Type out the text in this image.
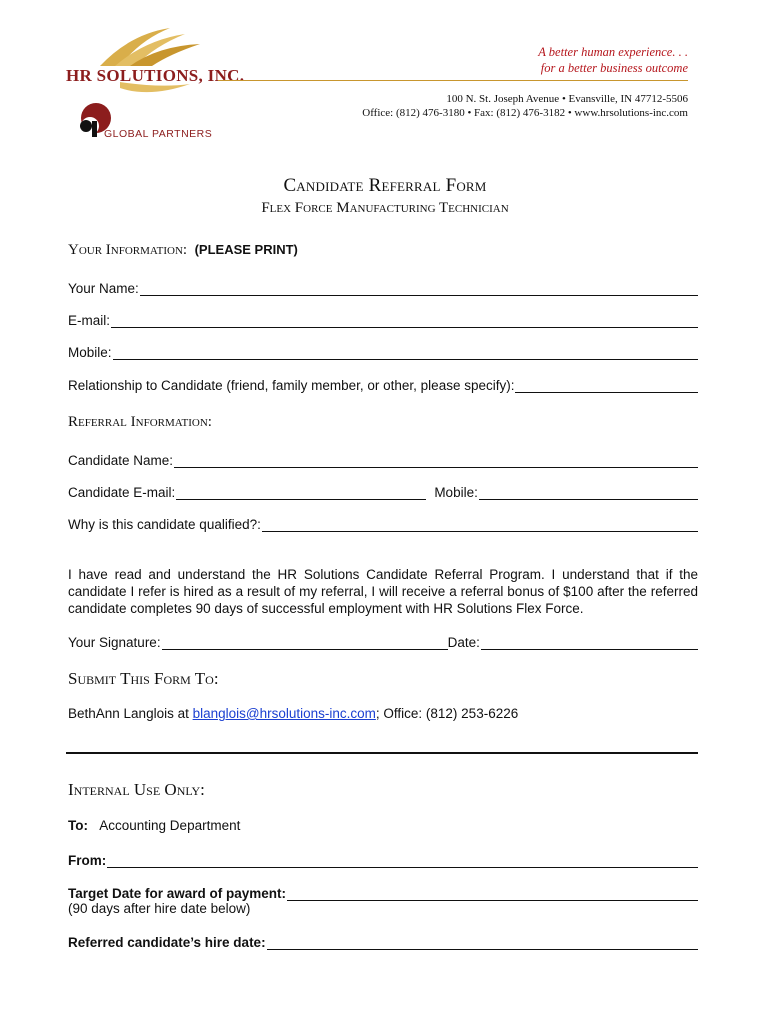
HR SOLUTIONS, INC.
GLOBAL PARTNERS
A better human experience. . .
for a better business outcome
100 N. St. Joseph Avenue • Evansville, IN 47712-5506
Office: (812) 476-3180 • Fax: (812) 476-3182 • www.hrsolutions-inc.com
Candidate Referral Form
Flex Force Manufacturing Technician
Your Information: (PLEASE PRINT)
Your Name:
E-mail:
Mobile:
Relationship to Candidate (friend, family member, or other, please specify):
Referral Information:
Candidate Name:
Candidate E-mail:	Mobile:
Why is this candidate qualified?:
I have read and understand the HR Solutions Candidate Referral Program. I understand that if the candidate I refer is hired as a result of my referral, I will receive a referral bonus of $100 after the referred candidate completes 90 days of successful employment with HR Solutions Flex Force.
Your Signature:	Date:
Submit This Form To:
BethAnn Langlois at blanglois@hrsolutions-inc.com; Office: (812) 253-6226
Internal Use Only:
To: Accounting Department
From:
Target Date for award of payment:
(90 days after hire date below)
Referred candidate’s hire date:
